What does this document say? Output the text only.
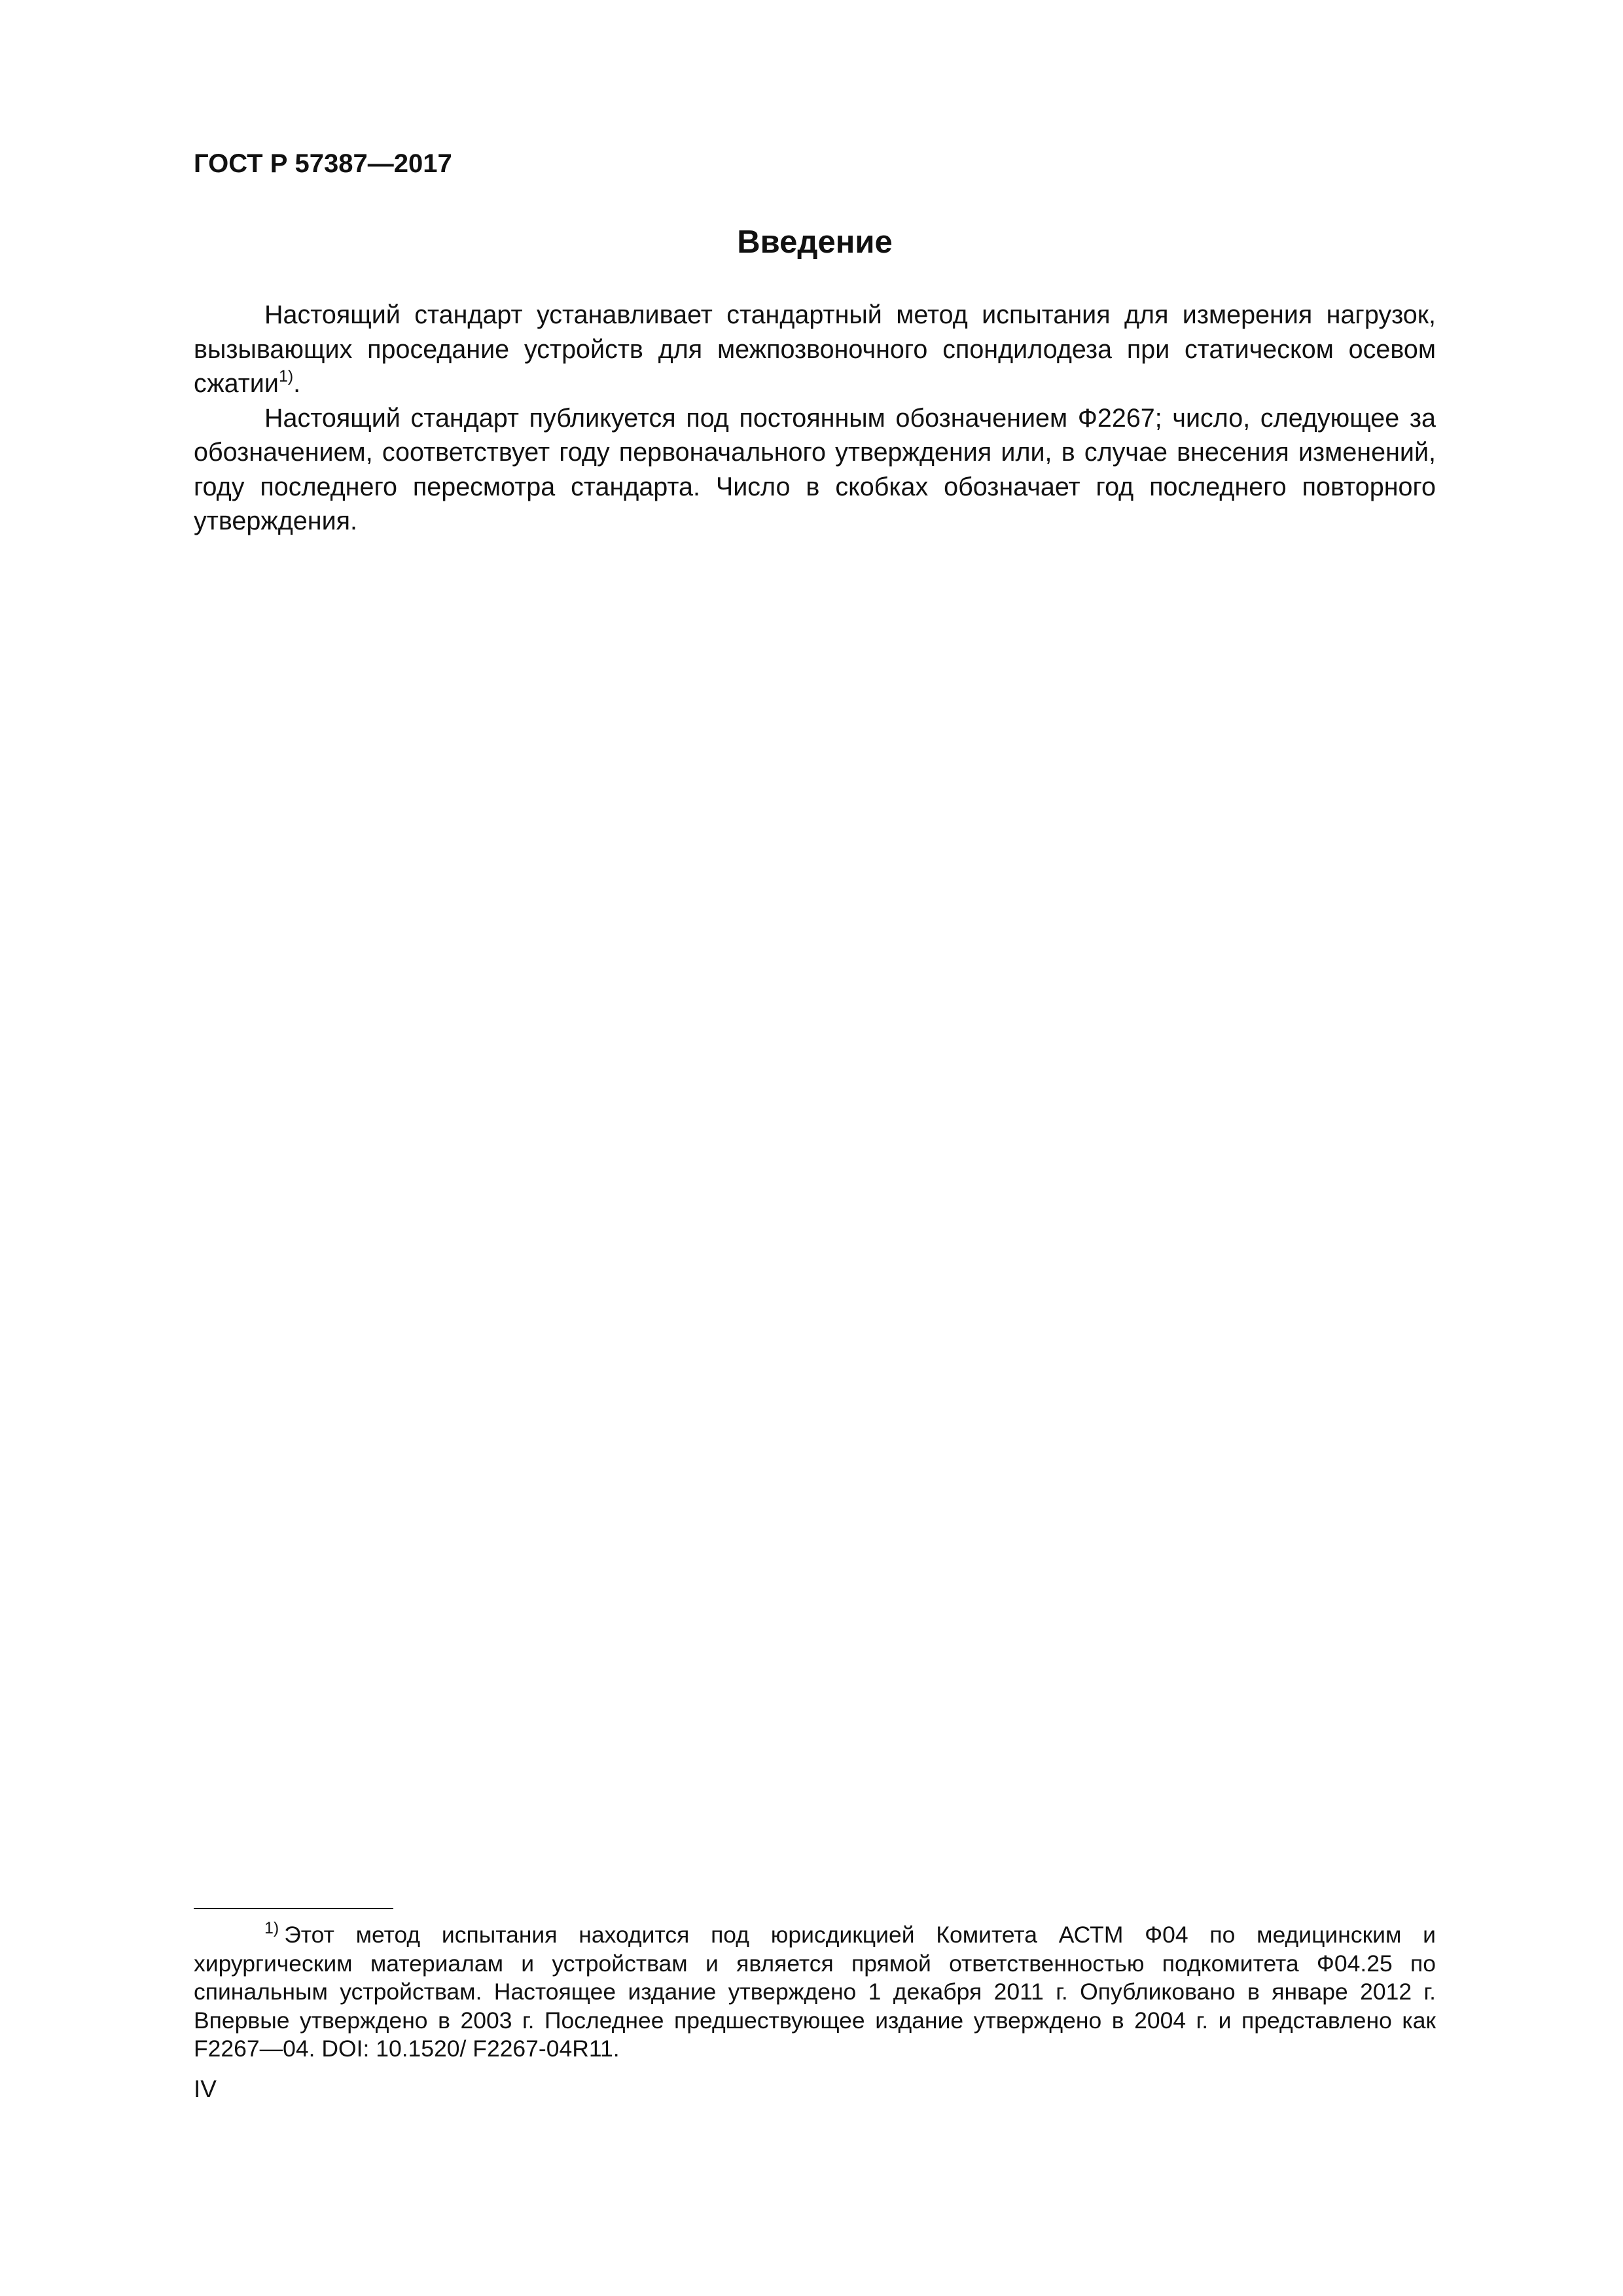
ГОСТ Р 57387—2017
Введение

Настоящий стандарт устанавливает стандартный метод испытания для измерения нагрузок, вызывающих проседание устройств для межпозвоночного спондилодеза при статическом осевом сжатии$^{1)}$.

Настоящий стандарт публикуется под постоянным обозначением Ф2267; число, следующее за обозначением, соответствует году первоначального утверждения или, в случае внесения изменений, году последнего пересмотра стандарта. Число в скобках обозначает год последнего повторного утверждения.

$^{1)}$ Этот метод испытания находится под юрисдикцией Комитета АСТМ Ф04 по медицинским и хирургическим материалам и устройствам и является прямой ответственностью подкомитета Ф04.25 по спинальным устройствам. Настоящее издание утверждено 1 декабря 2011 г. Опубликовано в январе 2012 г. Впервые утверждено в 2003 г. Последнее предшествующее издание утверждено в 2004 г. и представлено как F2267—04. DOI: 10.1520/ F2267-04R11.

IV
